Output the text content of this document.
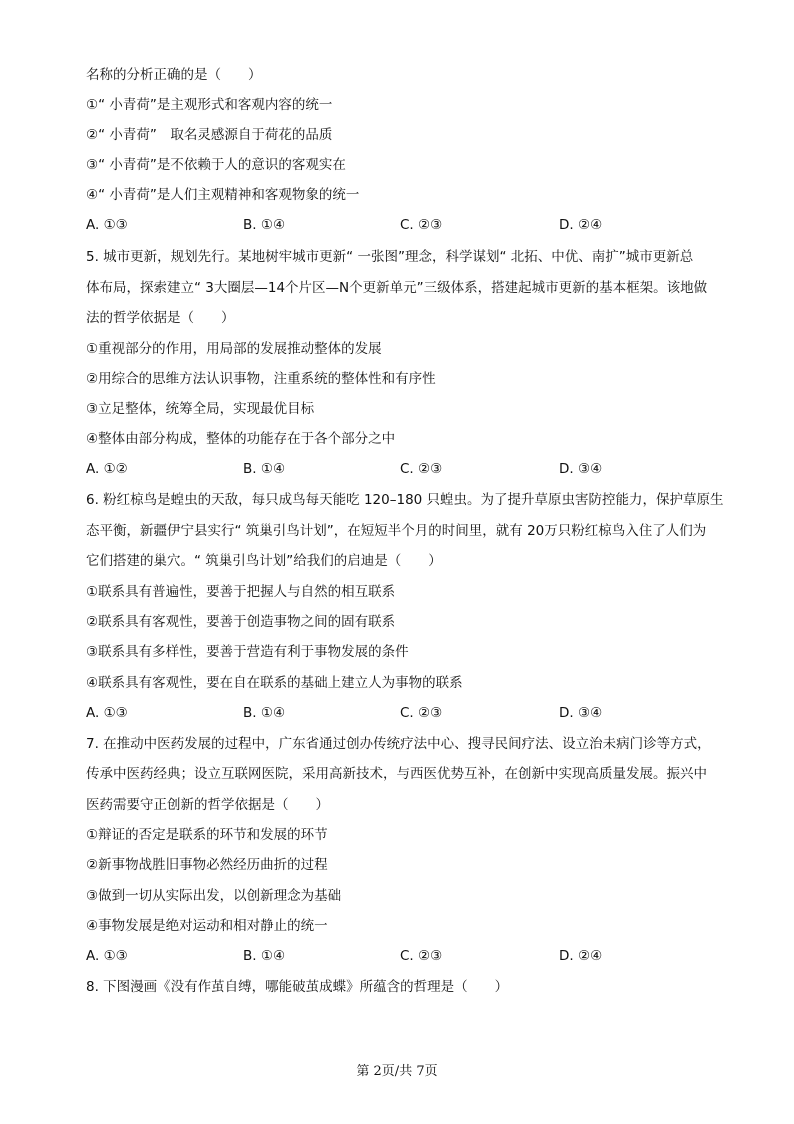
名称的分析正确的是（　　）
①“ 小青荷”是主观形式和客观内容的统一
②“ 小青荷”　取名灵感源自于荷花的品质
③“ 小青荷”是不依赖于人的意识的客观实在
④“ 小青荷”是人们主观精神和客观物象的统一
A. ①③	B. ①④	C. ②③	D. ②④
5. 城市更新，规划先行。某地树牢城市更新“ 一张图”理念，科学谋划“ 北拓、中优、南扩”城市更新总
体布局，探索建立“ 3大圈层—14个片区—N个更新单元”三级体系，搭建起城市更新的基本框架。该地做
法的哲学依据是（　　）
①重视部分的作用，用局部的发展推动整体的发展
②用综合的思维方法认识事物，注重系统的整体性和有序性
③立足整体，统筹全局，实现最优目标
④整体由部分构成，整体的功能存在于各个部分之中
A. ①②	B. ①④	C. ②③	D. ③④
6. 粉红椋鸟是蝗虫的天敌，每只成鸟每天能吃 120–180 只蝗虫。为了提升草原虫害防控能力，保护草原生
态平衡，新疆伊宁县实行“ 筑巢引鸟计划”，在短短半个月的时间里，就有 20万只粉红椋鸟入住了人们为
它们搭建的巢穴。“ 筑巢引鸟计划”给我们的启迪是（　　）
①联系具有普遍性，要善于把握人与自然的相互联系
②联系具有客观性，要善于创造事物之间的固有联系
③联系具有多样性，要善于营造有利于事物发展的条件
④联系具有客观性，要在自在联系的基础上建立人为事物的联系
A. ①③	B. ①④	C. ②③	D. ③④
7. 在推动中医药发展的过程中，广东省通过创办传统疗法中心、搜寻民间疗法、设立治未病门诊等方式，
传承中医药经典；设立互联网医院，采用高新技术，与西医优势互补，在创新中实现高质量发展。振兴中
医药需要守正创新的哲学依据是（　　）
①辩证的否定是联系的环节和发展的环节
②新事物战胜旧事物必然经历曲折的过程
③做到一切从实际出发，以创新理念为基础
④事物发展是绝对运动和相对静止的统一
A. ①③	B. ①④	C. ②③	D. ②④
8. 下图漫画《没有作茧自缚，哪能破茧成蝶》所蕴含的哲理是（　　）
第 2页/共 7页
